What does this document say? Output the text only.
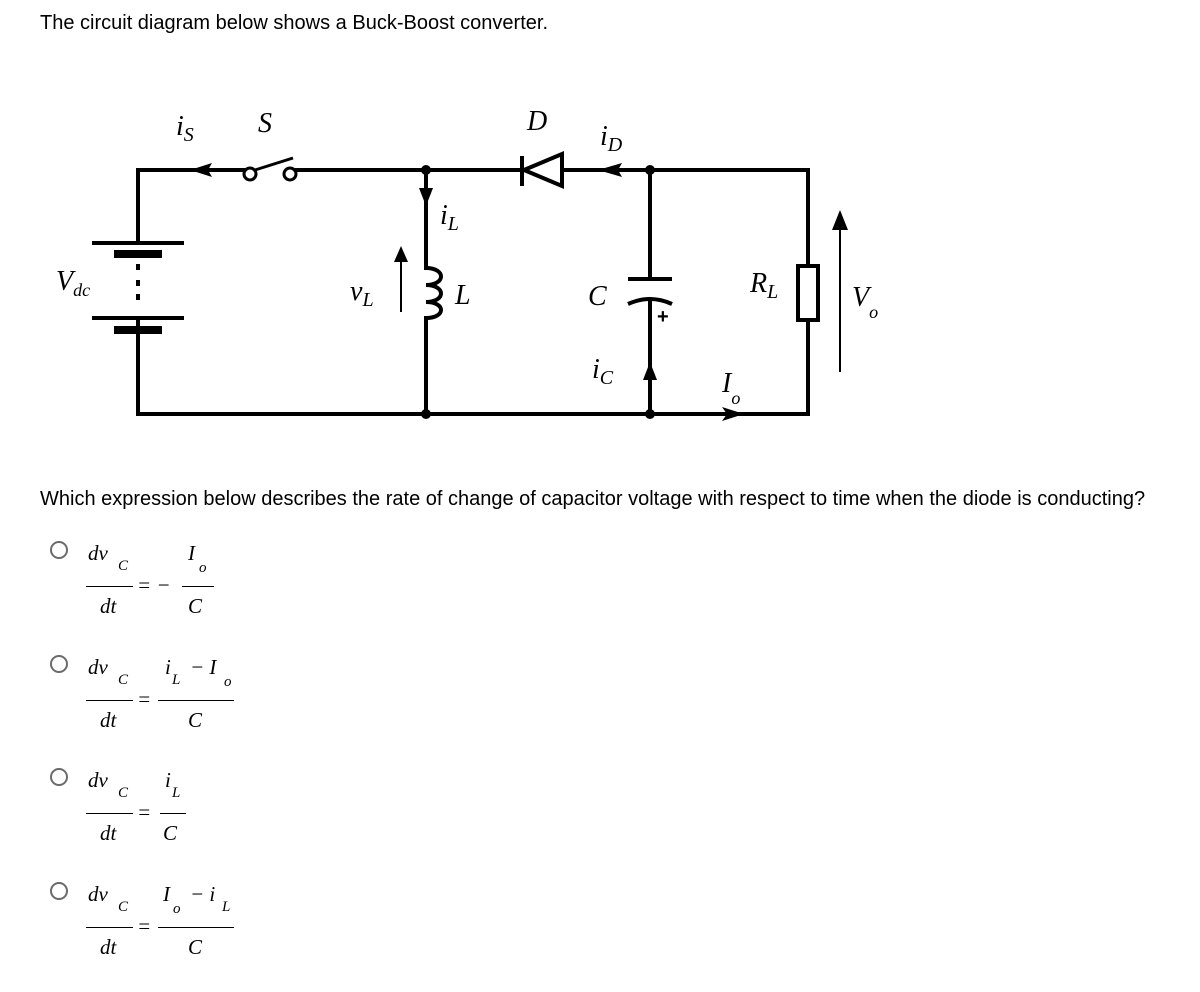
The circuit diagram below shows a Buck-Boost converter.
$i_S$ S	D $i_D$
$V_{dc}$
$i_L$
$v_L$	L	C
+
$i_C$
$R_L$	$V_o$
$I_o$
Which expression below describes the rate of change of capacitor voltage with respect to time when the diode is conducting?
dv
C
dt
= −
I
o
C
dv
C
dt
=
i
L
− I
o
C
dv
C
dt
=
i
L
C
dv
C
dt
=
I
o
− i
L
C
